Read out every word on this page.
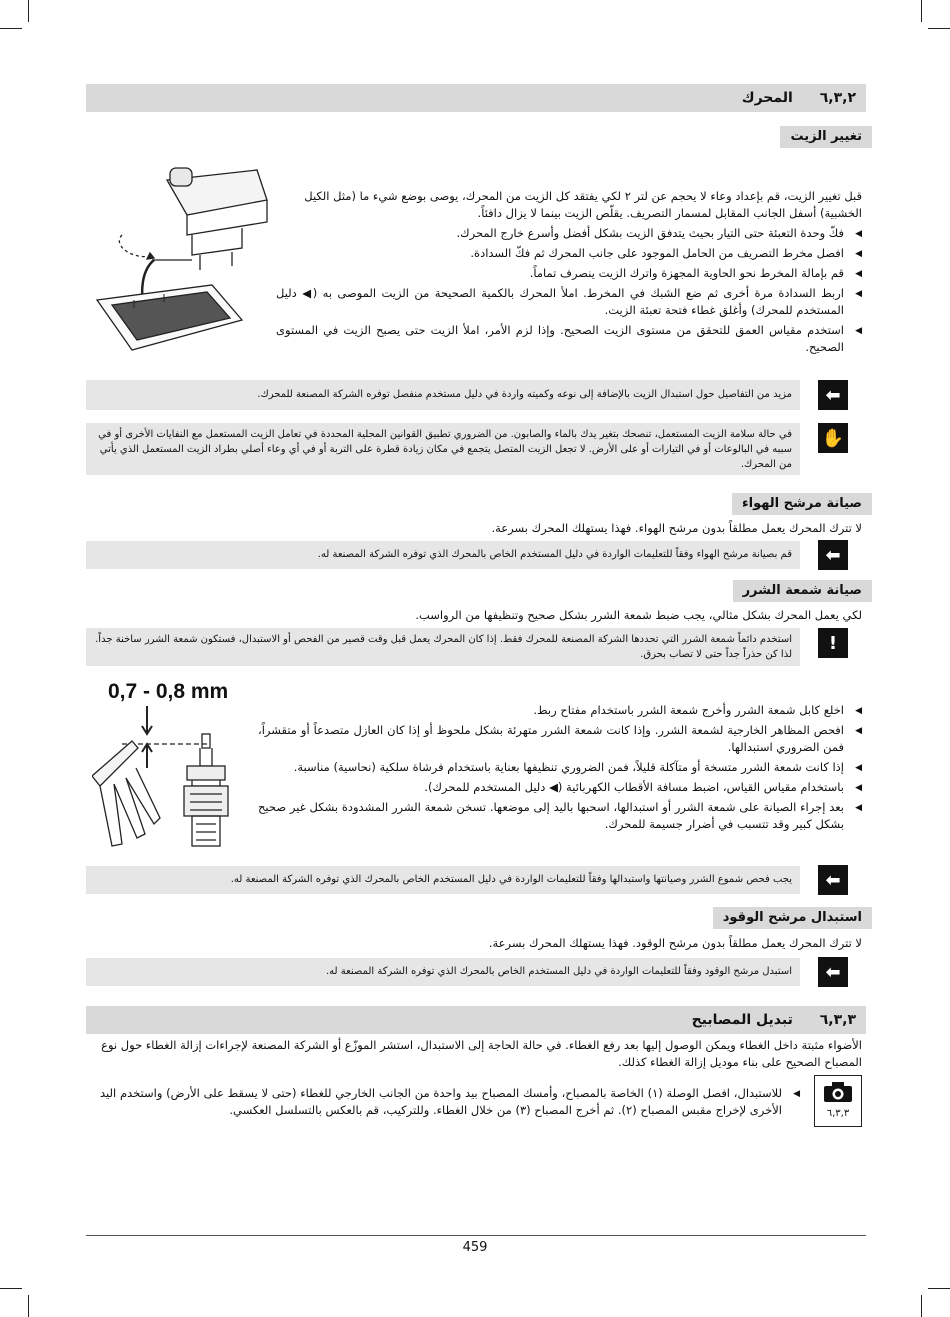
٦,٣,٢ المحرك
تغيير الزيت
قبل تغيير الزيت، قم بإعداد وعاء لا يحجم عن لتر ٢ لكي يفتقد كل الزيت من المحرك، يوصى بوضع شيء ما (مثل الكيل الخشبية) أسفل الجانب المقابل لمسمار التصريف. يقلّص الزيت بينما لا يزال دافئاً.
◀ فكّ وحدة التعبئة حتى التيار بحيث يتدفق الزيت بشكل أفضل وأسرع خارج المحرك.
◀ افصل مخرط التصريف من الحامل الموجود على جانب المحرك ثم فكّ السدادة.
◀ قم بإمالة المخرط نحو الحاوية المجهزة واترك الزيت ينصرف تماماً.
◀ اربط السدادة مرة أخرى ثم ضع الشبك في المخرط. املأ المحرك بالكمية الصحيحة من الزيت الموصى به (◀ دليل المستخدم للمحرك) وأغلق غطاء فتحة تعبئة الزيت.
◀ استخدم مقياس العمق للتحقق من مستوى الزيت الصحيح. وإذا لزم الأمر، املأ الزيت حتى يصبح الزيت في المستوى الصحيح.
مزيد من التفاصيل حول استبدال الزيت بالإضافة إلى نوعه وكميته واردة في دليل مستخدم منفصل توفره الشركة المصنعة للمحرك.	⬅
في حالة سلامة الزيت المستعمل، تنصحك بتغير يدك بالماء والصابون. من الضروري تطبيق القوانين المحلية المحددة في تعامل الزيت المستعمل مع النفايات الأخرى أو في سببه في البالوعات أو في التيارات أو على الأرض. لا تجعل الزيت المتصل يتجمع في مكان زيادة قطرة على التربة أو في أي وعاء أصلي بطراد الزيت المستعمل الذي يأتي من المحرك.
✋
صيانة مرشح الهواء
لا تترك المحرك يعمل مطلقاً بدون مرشح الهواء. فهذا يستهلك المحرك بسرعة.
قم بصيانة مرشح الهواء وفقاً للتعليمات الواردة في دليل المستخدم الخاص بالمحرك الذي توفره الشركة المصنعة له.	⬅
صيانة شمعة الشرر
لكي يعمل المحرك بشكل مثالي، يجب ضبط شمعة الشرر بشكل صحيح وتنظيفها من الرواسب.
استخدم دائماً شمعة الشرر التي تحددها الشركة المصنعة للمحرك فقط. إذا كان المحرك يعمل قبل وقت قصير من الفحص أو الاستبدال، فستكون شمعة الشرر ساخنة جداً. لذا كن حذراً جداً حتى لا تصاب بحرق.
!
0,7 - 0,8 mm
◀ اخلع كابل شمعة الشرر وأخرج شمعة الشرر باستخدام مفتاح ربط.
◀ افحص المظاهر الخارجية لشمعة الشرر. وإذا كانت شمعة الشرر متهرئة بشكل ملحوظ أو إذا كان العازل متصدعاً أو متقشراً، فمن الضروري استبدالها.
◀ إذا كانت شمعة الشرر متسخة أو متآكلة قليلاً، فمن الضروري تنظيفها بعناية باستخدام فرشاة سلكية (نحاسية) مناسبة.
◀ باستخدام مقياس القياس، اضبط مسافة الأقطاب الكهربائية (◀ دليل المستخدم للمحرك).
◀ بعد إجراء الصيانة على شمعة الشرر أو استبدالها، اسحبها باليد إلى موضعها. تسخن شمعة الشرر المشدودة بشكل غير صحيح بشكل كبير وقد تتسبب في أضرار جسيمة للمحرك.
يجب فحص شموع الشرر وصيانتها واستبدالها وفقاً للتعليمات الواردة في دليل المستخدم الخاص بالمحرك الذي توفره الشركة المصنعة له.	⬅
استبدال مرشح الوقود
لا تترك المحرك يعمل مطلقاً بدون مرشح الوقود. فهذا يستهلك المحرك بسرعة.
استبدل مرشح الوقود وفقاً للتعليمات الواردة في دليل المستخدم الخاص بالمحرك الذي توفره الشركة المصنعة له.	⬅
٦,٣,٣ تبديل المصابيح
الأضواء مثبتة داخل الغطاء ويمكن الوصول إليها بعد رفع الغطاء. في حالة الحاجة إلى الاستبدال، استشر الموزّع أو الشركة المصنعة لإجراءات إزالة الغطاء حول نوع المصباح الصحيح على بناء موديل إزالة الغطاء كذلك.
٦,٣,٣
◀ للاستبدال، افصل الوصلة (١) الخاصة بالمصباح، وأمسك المصباح بيد واحدة من الجانب الخارجي للغطاء (حتى لا يسقط على الأرض) واستخدم اليد الأخرى لإخراج مقبس المصباح (٢). ثم أخرج المصباح (٣) من خلال الغطاء. وللتركيب، قم بالعكس بالتسلسل العكسي.
459
